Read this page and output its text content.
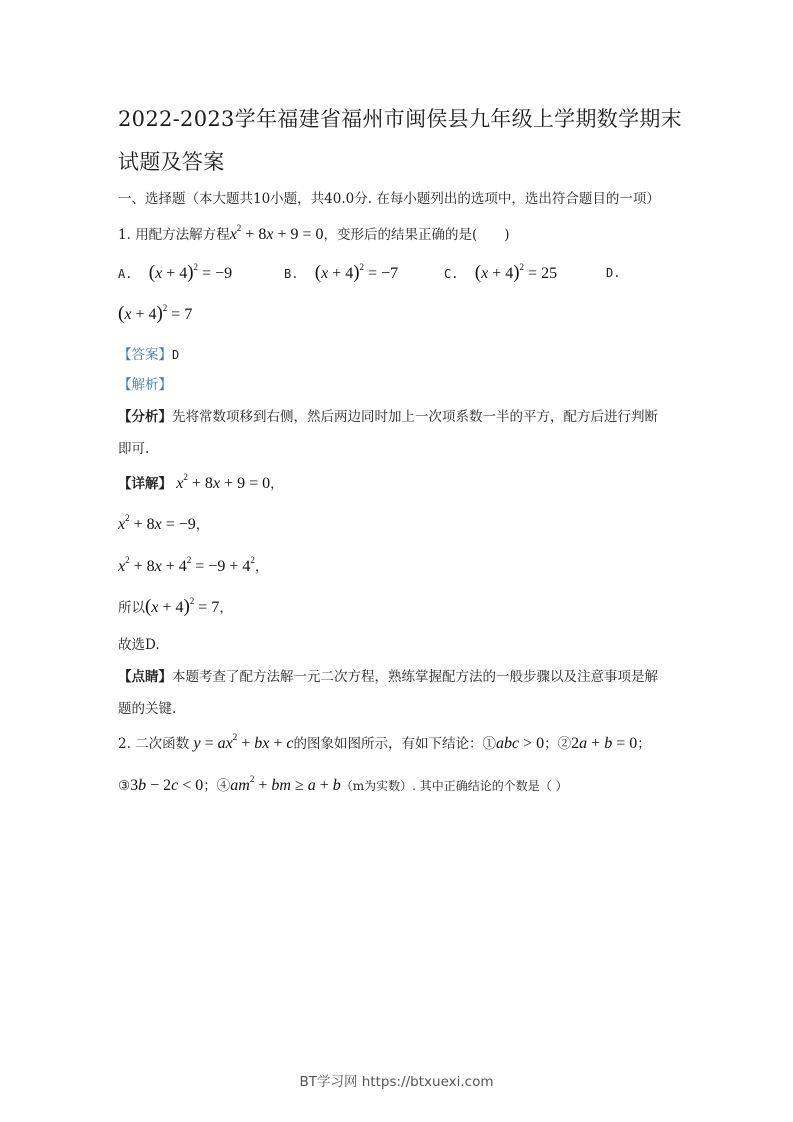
2022-2023学年福建省福州市闽侯县九年级上学期数学期末
试题及答案
一、选择题（本大题共10小题，共40.0分. 在每小题列出的选项中，选出符合题目的一项）
1. 用配方法解方程$x^2 + 8x + 9 = 0$，变形后的结果正确的是(　　)
A. $(x + 4)^2 = -9$	B. $(x + 4)^2 = -7$	C. $(x + 4)^2 = 25$	D.
$(x + 4)^2 = 7$
【答案】D
【解析】
【分析】先将常数项移到右侧，然后两边同时加上一次项系数一半的平方，配方后进行判断
即可.
【详解】 $x^2 + 8x + 9 = 0$，
$x^2 + 8x = -9$，
$x^2 + 8x + 4^2 = -9 + 4^2$，
所以$(x + 4)^2 = 7$，
故选D.
【点睛】本题考查了配方法解一元二次方程，熟练掌握配方法的一般步骤以及注意事项是解
题的关键.
2. 二次函数 $y = ax^2$ + bx + c的图象如图所示，有如下结论：①abc > 0；②2a + b = 0；
③3b − 2c < 0；$④am^2$ + bm ≥ a + b（m为实数）. 其中正确结论的个数是（ ）
BT学习网 https://btxuexi.com
